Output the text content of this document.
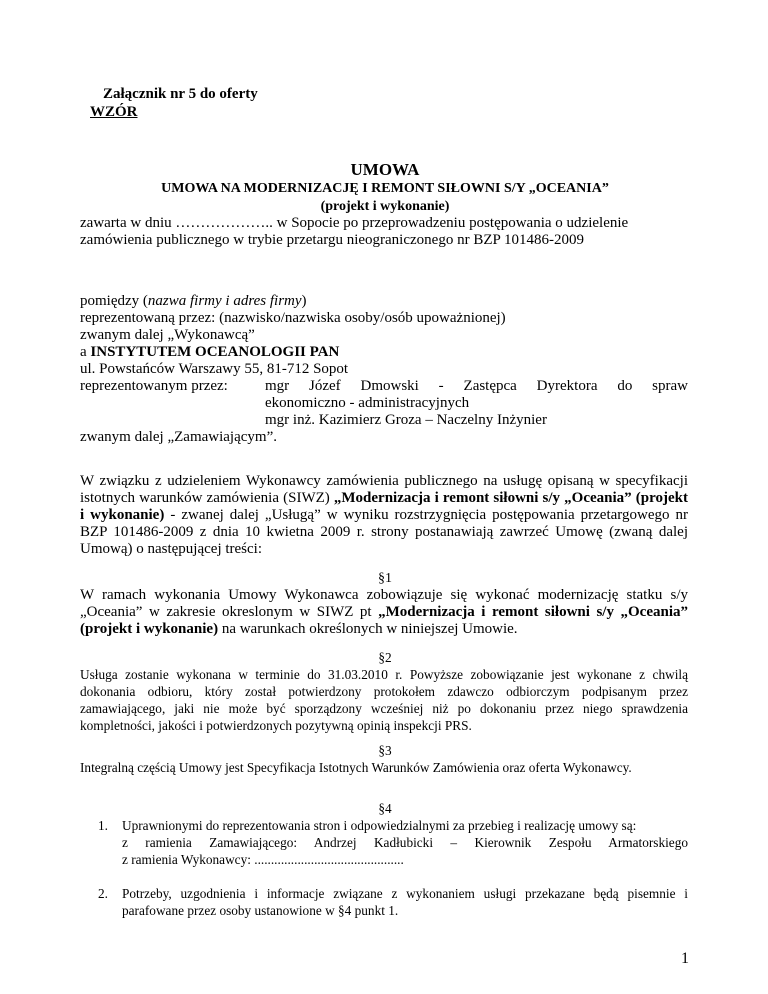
Załącznik nr 5 do oferty
WZÓR
UMOWA
UMOWA NA MODERNIZACJĘ I REMONT SIŁOWNI S/Y „OCEANIA”
(projekt i wykonanie)
zawarta w dniu ……………….. w Sopocie po przeprowadzeniu postępowania o udzielenie
zamówienia publicznego w trybie przetargu nieograniczonego nr BZP 101486-2009
pomiędzy (nazwa firmy i adres firmy)
reprezentowaną przez: (nazwisko/nazwiska osoby/osób upoważnionej)
zwanym dalej „Wykonawcą”
a INSTYTUTEM OCEANOLOGII PAN
ul. Powstańców Warszawy 55, 81-712 Sopot
reprezentowanym przez: mgr Józef Dmowski - Zastępca Dyrektora do spraw
ekonomiczno - administracyjnych
mgr inż. Kazimierz Groza – Naczelny Inżynier
zwanym dalej „Zamawiającym”.
W związku z udzieleniem Wykonawcy zamówienia publicznego na usługę opisaną w specyfikacji istotnych warunków zamówienia (SIWZ) „Modernizacja i remont siłowni s/y „Oceania” (projekt i wykonanie) - zwanej dalej „Usługą” w wyniku rozstrzygnięcia postępowania przetargowego nr BZP 101486-2009 z dnia 10 kwietna 2009 r. strony postanawiają zawrzeć Umowę (zwaną dalej Umową) o następującej treści:
§1
W ramach wykonania Umowy Wykonawca zobowiązuje się wykonać modernizację statku s/y „Oceania” w zakresie okreslonym w SIWZ pt „Modernizacja i remont siłowni s/y „Oceania” (projekt i wykonanie) na warunkach określonych w niniejszej Umowie.
§2
Usługa zostanie wykonana w terminie do 31.03.2010 r. Powyższe zobowiązanie jest wykonane z chwilą dokonania odbioru, który został potwierdzony protokołem zdawczo odbiorczym podpisanym przez zamawiającego, jaki nie może być sporządzony wcześniej niż po dokonaniu przez niego sprawdzenia kompletności, jakości i potwierdzonych pozytywną opinią inspekcji PRS.
§3
Integralną częścią Umowy jest Specyfikacja Istotnych Warunków Zamówienia oraz oferta Wykonawcy.
§4
1. Uprawnionymi do reprezentowania stron i odpowiedzialnymi za przebieg i realizację umowy są:
z ramienia Zamawiającego: Andrzej Kadłubicki – Kierownik Zespołu Armatorskiego
z ramienia Wykonawcy: .............................................
2. Potrzeby, uzgodnienia i informacje związane z wykonaniem usługi przekazane będą pisemnie i parafowane przez osoby ustanowione w §4 punkt 1.
1
